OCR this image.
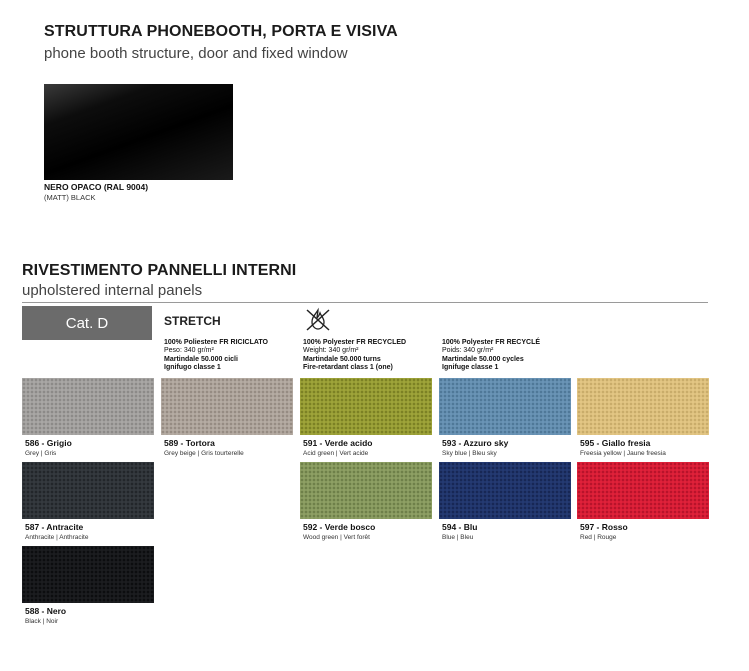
STRUTTURA PHONEBOOTH, PORTA E VISIVA
phone booth structure, door and fixed window
NERO OPACO (RAL 9004)
(MATT) BLACK
RIVESTIMENTO PANNELLI INTERNI
upholstered internal panels
Cat. D	STRETCH
100% Poliestere FR RICICLATO
Peso: 340 gr/m²
Martindale 50.000 cicli
Ignifugo classe 1
100% Polyester FR RECYCLED
Weight: 340 gr/m²
Martindale 50.000 turns
Fire-retardant class 1 (one)
100% Polyester FR RECYCLÉ
Poids: 340 gr/m²
Martindale 50.000 cycles
Ignifuge classe 1
586 - Grigio
Grey | Gris
589 - Tortora
Grey beige | Gris tourterelle
591 - Verde acido
Acid green | Vert acide
593 - Azzuro sky
Sky blue | Bleu sky
595 - Giallo fresia
Freesia yellow | Jaune freesia
587 - Antracite
Anthracite | Anthracite
592 - Verde bosco
Wood green | Vert forêt
594 - Blu
Blue | Bleu
597 - Rosso
Red | Rouge
588 - Nero
Black | Noir
